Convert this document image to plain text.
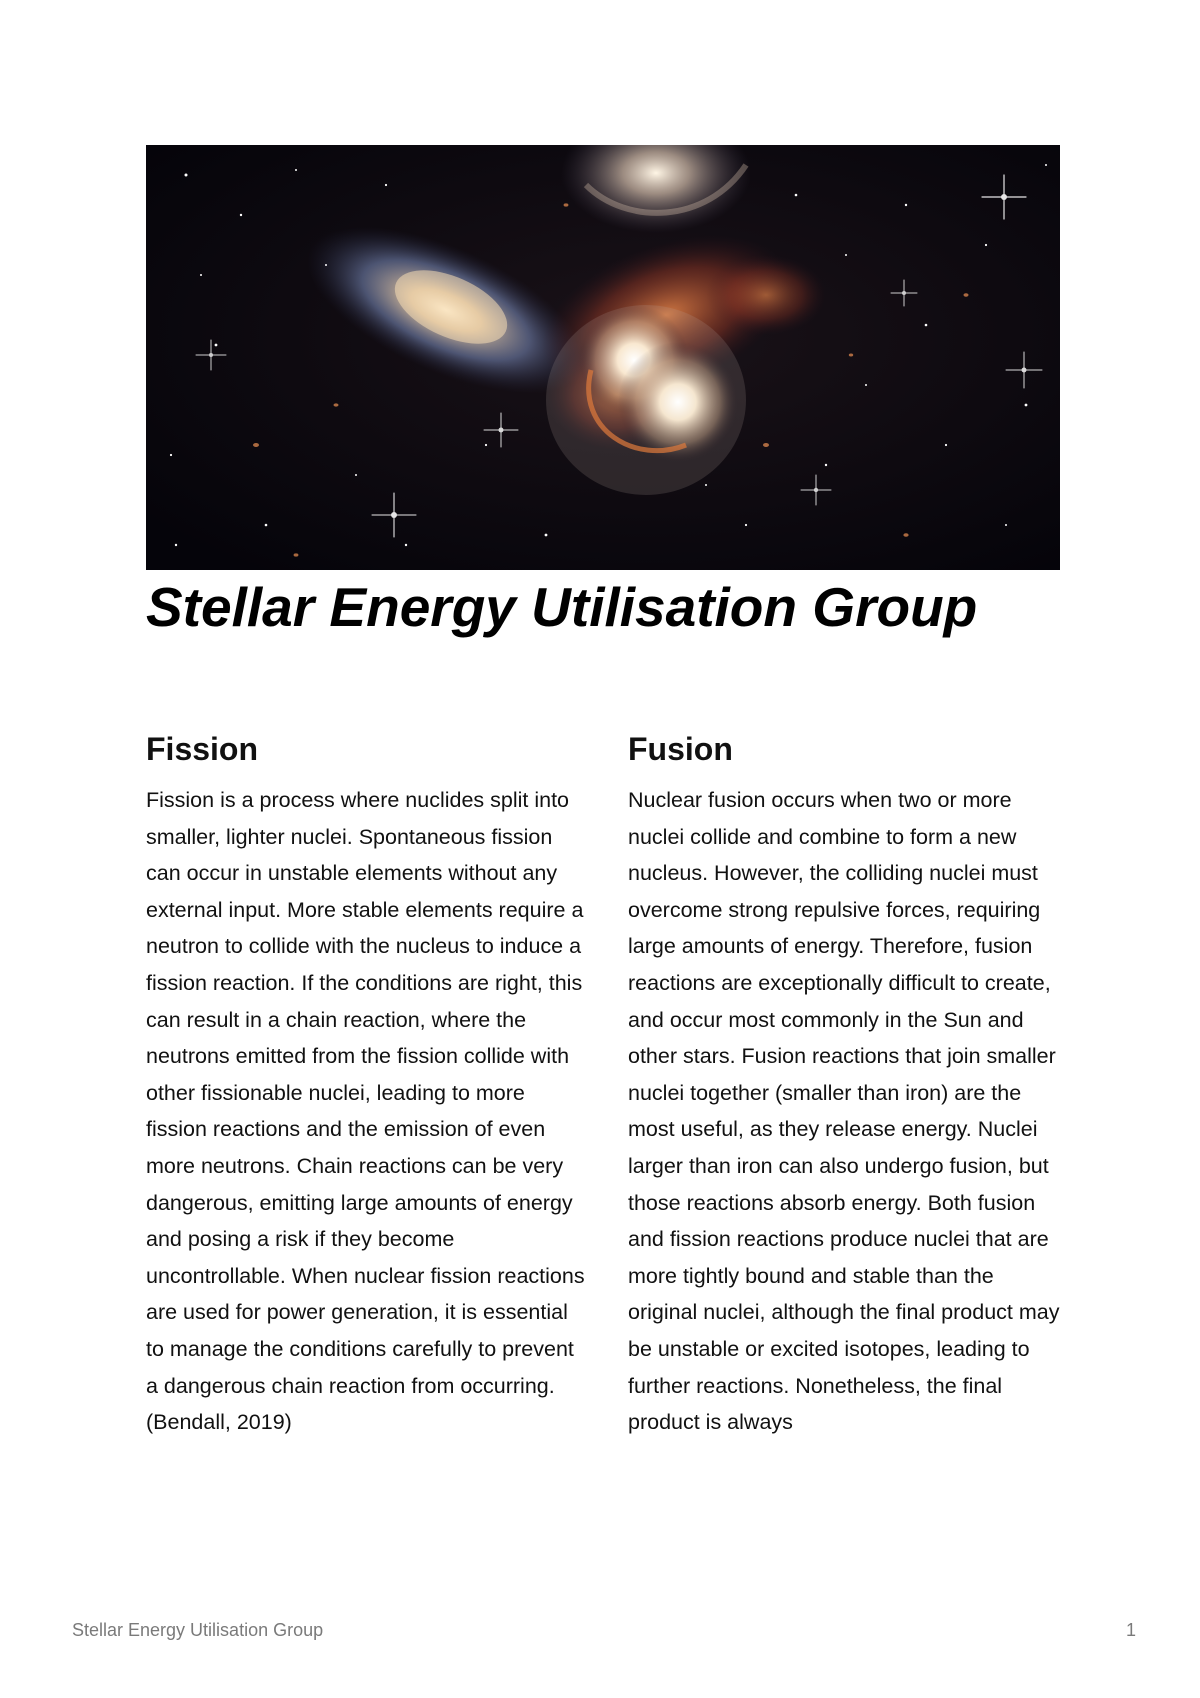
Stellar Energy Utilisation Group
Fission

Fission is a process where nuclides split into smaller, lighter nuclei. Spontaneous fission can occur in unstable elements without any external input. More stable elements require a neutron to collide with the nucleus to induce a fission reaction. If the conditions are right, this can result in a chain reaction, where the neutrons emitted from the fission collide with other fissionable nuclei, leading to more fission reactions and the emission of even more neutrons. Chain reactions can be very dangerous, emitting large amounts of energy and posing a risk if they become uncontrollable. When nuclear fission reactions are used for power generation, it is essential to manage the conditions carefully to prevent a dangerous chain reaction from occurring. (Bendall, 2019)

Fusion

Nuclear fusion occurs when two or more nuclei collide and combine to form a new nucleus. However, the colliding nuclei must overcome strong repulsive forces, requiring large amounts of energy. Therefore, fusion reactions are exceptionally difficult to create, and occur most commonly in the Sun and other stars. Fusion reactions that join smaller nuclei together (smaller than iron) are the most useful, as they release energy. Nuclei larger than iron can also undergo fusion, but those reactions absorb energy. Both fusion and fission reactions produce nuclei that are more tightly bound and stable than the original nuclei, although the final product may be unstable or excited isotopes, leading to further reactions. Nonetheless, the final product is always

Stellar Energy Utilisation Group	1
